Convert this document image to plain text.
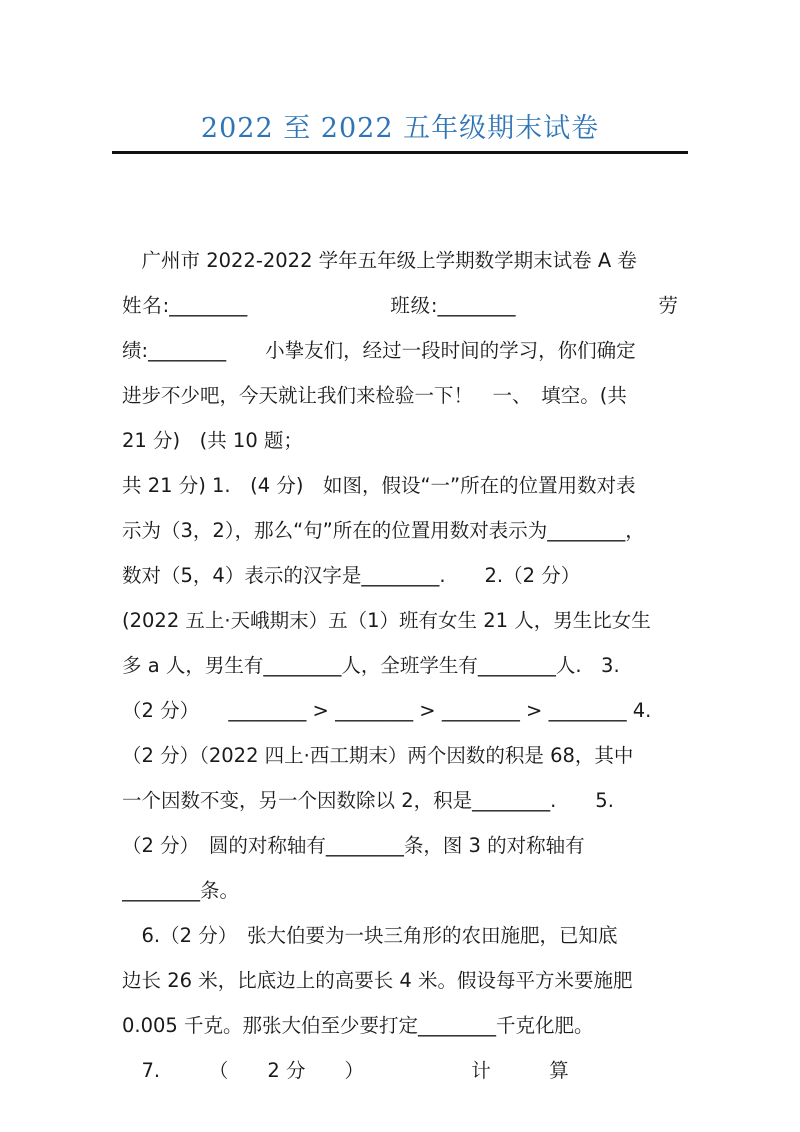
2022 至 2022 五年级期末试卷
　广州市 2022-2022 学年五年级上学期数学期末试卷 A 卷
姓名:________　　　　　　　班级:________　　　　　　　劳
绩:________　　小挚友们，经过一段时间的学习，你们确定
进步不少吧，今天就让我们来检验一下！　一、　填空。(共
21 分)　(共 10 题；
共 21 分) 1.　(4 分)　如图，假设“一”所在的位置用数对表
示为（3，2），那么“句”所在的位置用数对表示为________，
数对（5，4）表示的汉字是________.　　2.（2 分）
(2022 五上·天峨期末）五（1）班有女生 21 人，男生比女生
多 a 人，男生有________人，全班学生有________人.　3.
（2 分）　　________ > ________ > ________ > ________ 4.
（2 分）（2022 四上·西工期末）两个因数的积是 68，其中
一个因数不变，另一个因数除以 2，积是________.　　5.
（2 分）　圆的对称轴有________条，图 3 的对称轴有
________条。
　6.（2 分）　张大伯要为一块三角形的农田施肥，已知底
边长 26 米，比底边上的高要长 4 米。假设每平方米要施肥
0.005 千克。那张大伯至少要打定________千克化肥。
　7.　　　（　　2 分　　）　　　　　　计　　　算
